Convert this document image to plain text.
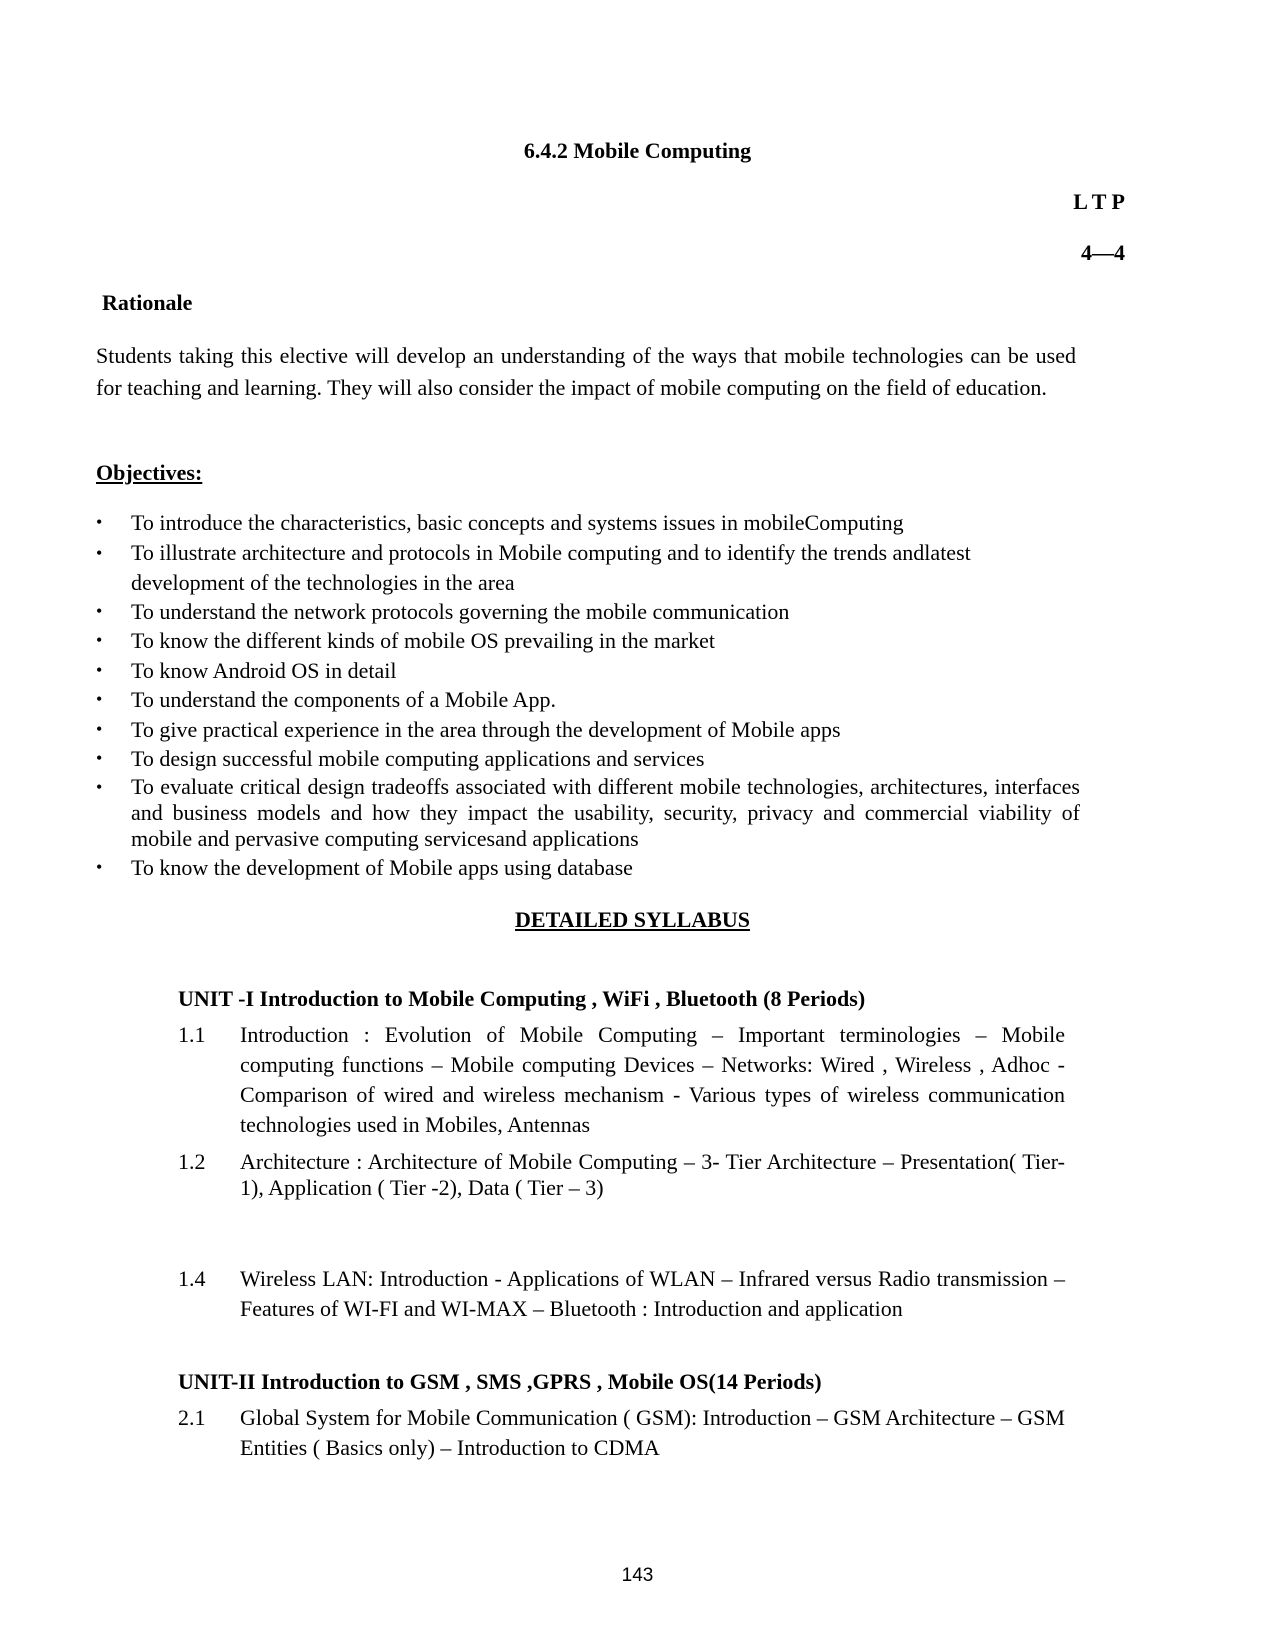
6.4.2 Mobile Computing
L T P
4—4
Rationale
Students taking this elective will develop an understanding of the ways that mobile technologies can be used for teaching and learning. They will also consider the impact of mobile computing on the field of education.
Objectives:
•	To introduce the characteristics, basic concepts and systems issues in mobileComputing
•	To illustrate architecture and protocols in Mobile computing and to identify the trends andlatest development of the technologies in the area
•	To understand the network protocols governing the mobile communication
•	To know the different kinds of mobile OS prevailing in the market
•	To know Android OS in detail
•	To understand the components of a Mobile App.
•	To give practical experience in the area through the development of Mobile apps
•	To design successful mobile computing applications and services
•	To evaluate critical design tradeoffs associated with different mobile technologies, architectures, interfaces and business models and how they impact the usability, security, privacy and commercial viability of mobile and pervasive computing servicesand applications
•	To know the development of Mobile apps using database
DETAILED SYLLABUS
UNIT -I Introduction to Mobile Computing , WiFi , Bluetooth (8 Periods)
1.1 Introduction : Evolution of Mobile Computing – Important terminologies – Mobile computing functions – Mobile computing Devices – Networks: Wired , Wireless , Adhoc - Comparison of wired and wireless mechanism - Various types of wireless communication technologies used in Mobiles, Antennas
1.2 Architecture : Architecture of Mobile Computing – 3- Tier Architecture – Presentation( Tier-1), Application ( Tier -2), Data ( Tier – 3)
1.4 Wireless LAN: Introduction - Applications of WLAN – Infrared versus Radio transmission – Features of WI-FI and WI-MAX – Bluetooth : Introduction and application
UNIT-II Introduction to GSM , SMS ,GPRS , Mobile OS(14 Periods)
2.1 Global System for Mobile Communication ( GSM): Introduction – GSM Architecture – GSM Entities ( Basics only) – Introduction to CDMA
143
